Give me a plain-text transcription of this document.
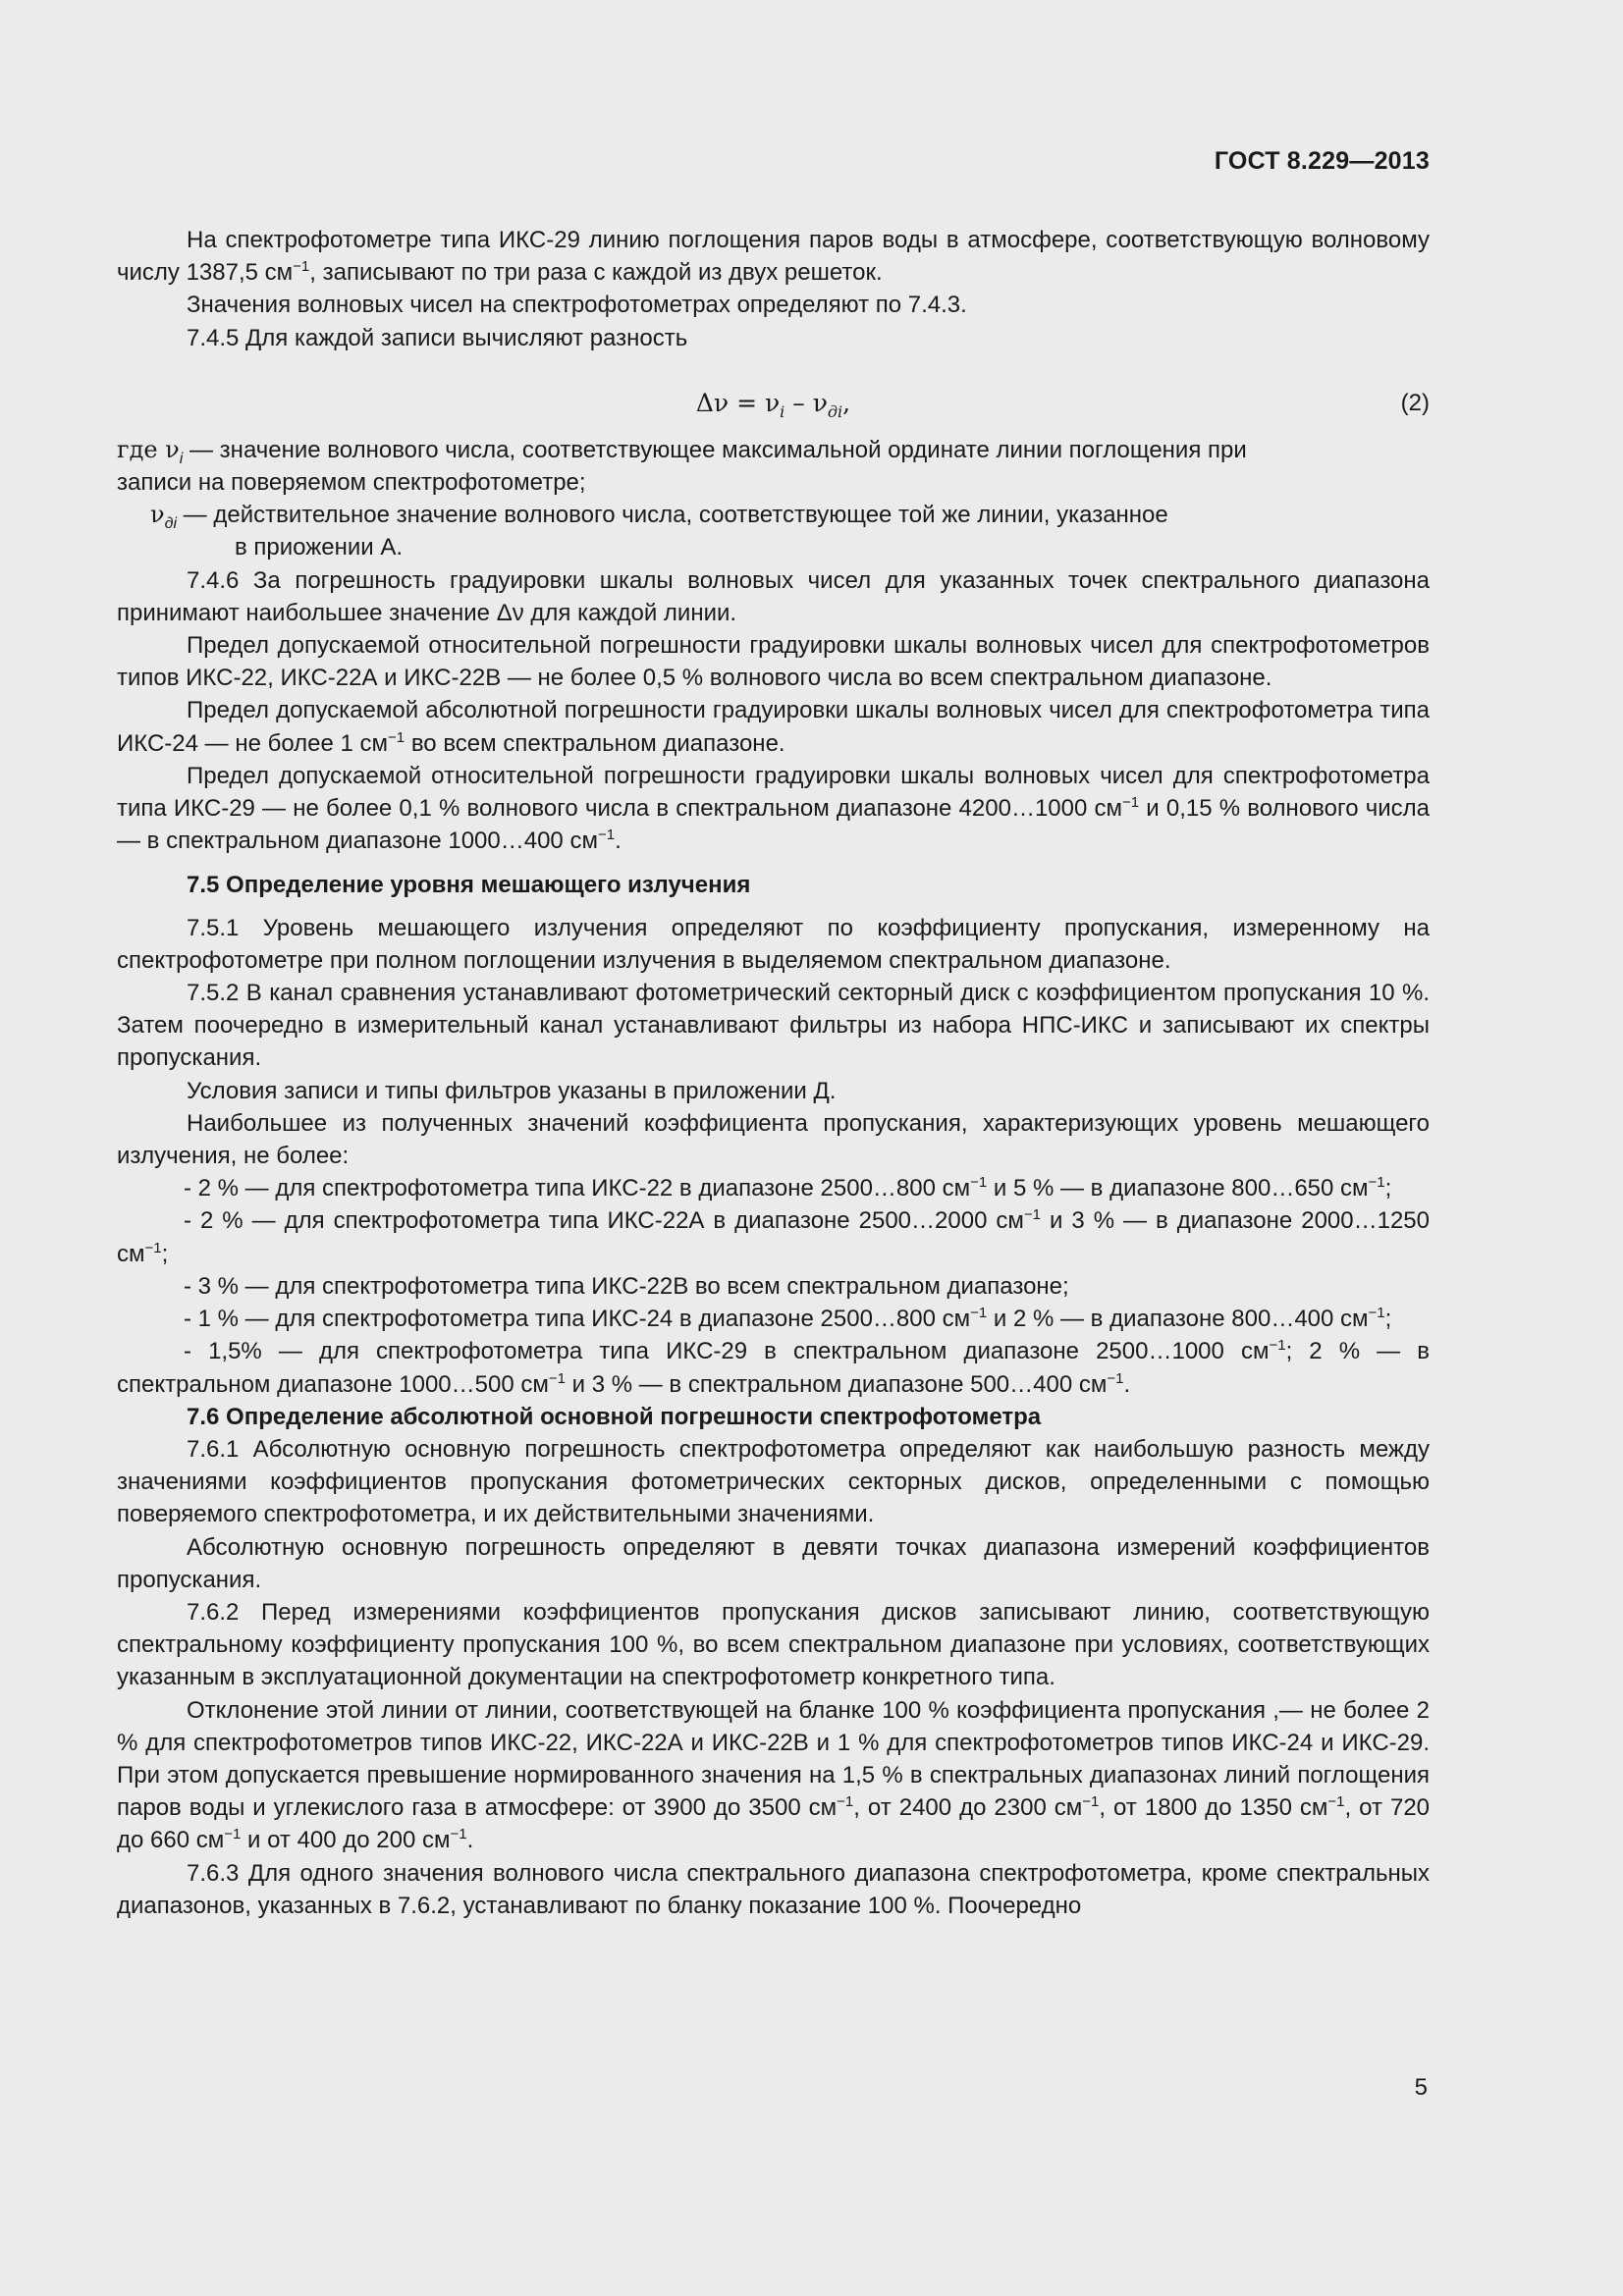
ГОСТ 8.229—2013

На спектрофотометре типа ИКС-29 линию поглощения паров воды в атмосфере, соответствующую волновому числу 1387,5 $см^{-1}$, записывают по три раза с каждой из двух решеток.

Значения волновых чисел на спектрофотометрах определяют по 7.4.3.

7.4.5 Для каждой записи вычисляют разность

$\Delta\nu = \nu_i - \nu_{дi}$,	(2)

где $\nu_i$ — значение волнового числа, соответствующее максимальной ординате линии поглощения при

записи на поверяемом спектрофотометре;

$\nu_{дi}$ — действительное значение волнового числа, соответствующее той же линии, указанное

в приожении А.

7.4.6 За погрешность градуировки шкалы волновых чисел для указанных точек спектрального диапазона принимают наибольшее значение Δν для каждой линии.

Предел допускаемой относительной погрешности градуировки шкалы волновых чисел для спектрофотометров типов ИКС-22, ИКС-22А и ИКС-22В — не более 0,5 % волнового числа во всем спектральном диапазоне.

Предел допускаемой абсолютной погрешности градуировки шкалы волновых чисел для спектрофотометра типа ИКС-24 — не более 1 $см^{-1}$ во всем спектральном диапазоне.

Предел допускаемой относительной погрешности градуировки шкалы волновых чисел для спектрофотометра типа ИКС-29 — не более 0,1 % волнового числа в спектральном диапазоне 4200…1000 $см^{-1}$ и 0,15 % волнового числа — в спектральном диапазоне 1000…400 $см^{-1}$.

7.5 Определение уровня мешающего излучения

7.5.1 Уровень мешающего излучения определяют по коэффициенту пропускания, измеренному на спектрофотометре при полном поглощении излучения в выделяемом спектральном диапазоне.

7.5.2 В канал сравнения устанавливают фотометрический секторный диск с коэффициентом пропускания 10 %. Затем поочередно в измерительный канал устанавливают фильтры из набора НПС-ИКС и записывают их спектры пропускания.

Условия записи и типы фильтров указаны в приложении Д.

Наибольшее из полученных значений коэффициента пропускания, характеризующих уровень мешающего излучения, не более:

- 2 % — для спектрофотометра типа ИКС-22 в диапазоне 2500…800 $см^{-1}$ и 5 % — в диапазоне 800…650 $см^{-1}$;

- 2 % — для спектрофотометра типа ИКС-22А в диапазоне 2500…2000 $см^{-1}$ и 3 % — в диапазоне 2000…1250 $см^{-1}$;

- 3 % — для спектрофотометра типа ИКС-22В во всем спектральном диапазоне;

- 1 % — для спектрофотометра типа ИКС-24 в диапазоне 2500…800 $см^{-1}$ и 2 % — в диапазоне 800…400 $см^{-1}$;

- 1,5% — для спектрофотометра типа ИКС-29 в спектральном диапазоне 2500…1000 $см^{-1}$; 2 % — в спектральном диапазоне 1000…500 $см^{-1}$ и 3 % — в спектральном диапазоне 500…400 $см^{-1}$.

7.6 Определение абсолютной основной погрешности спектрофотометра

7.6.1 Абсолютную основную погрешность спектрофотометра определяют как наибольшую разность между значениями коэффициентов пропускания фотометрических секторных дисков, определенными с помощью поверяемого спектрофотометра, и их действительными значениями.

Абсолютную основную погрешность определяют в девяти точках диапазона измерений коэффициентов пропускания.

7.6.2 Перед измерениями коэффициентов пропускания дисков записывают линию, соответствующую спектральному коэффициенту пропускания 100 %, во всем спектральном диапазоне при условиях, соответствующих указанным в эксплуатационной документации на спектрофотометр конкретного типа.

Отклонение этой линии от линии, соответствующей на бланке 100 % коэффициента пропускания ,— не более 2 % для спектрофотометров типов ИКС-22, ИКС-22А и ИКС-22В и 1 % для спектрофотометров типов ИКС-24 и ИКС-29. При этом допускается превышение нормированного значения на 1,5 % в спектральных диапазонах линий поглощения паров воды и углекислого газа в атмосфере: от 3900 до 3500 $см^{-1}$, от 2400 до 2300 $см^{-1}$, от 1800 до 1350 $см^{-1}$, от 720 до 660 $см^{-1}$ и от 400 до 200 $см^{-1}$.

7.6.3 Для одного значения волнового числа спектрального диапазона спектрофотометра, кроме спектральных диапазонов, указанных в 7.6.2, устанавливают по бланку показание 100 %. Поочередно

5
